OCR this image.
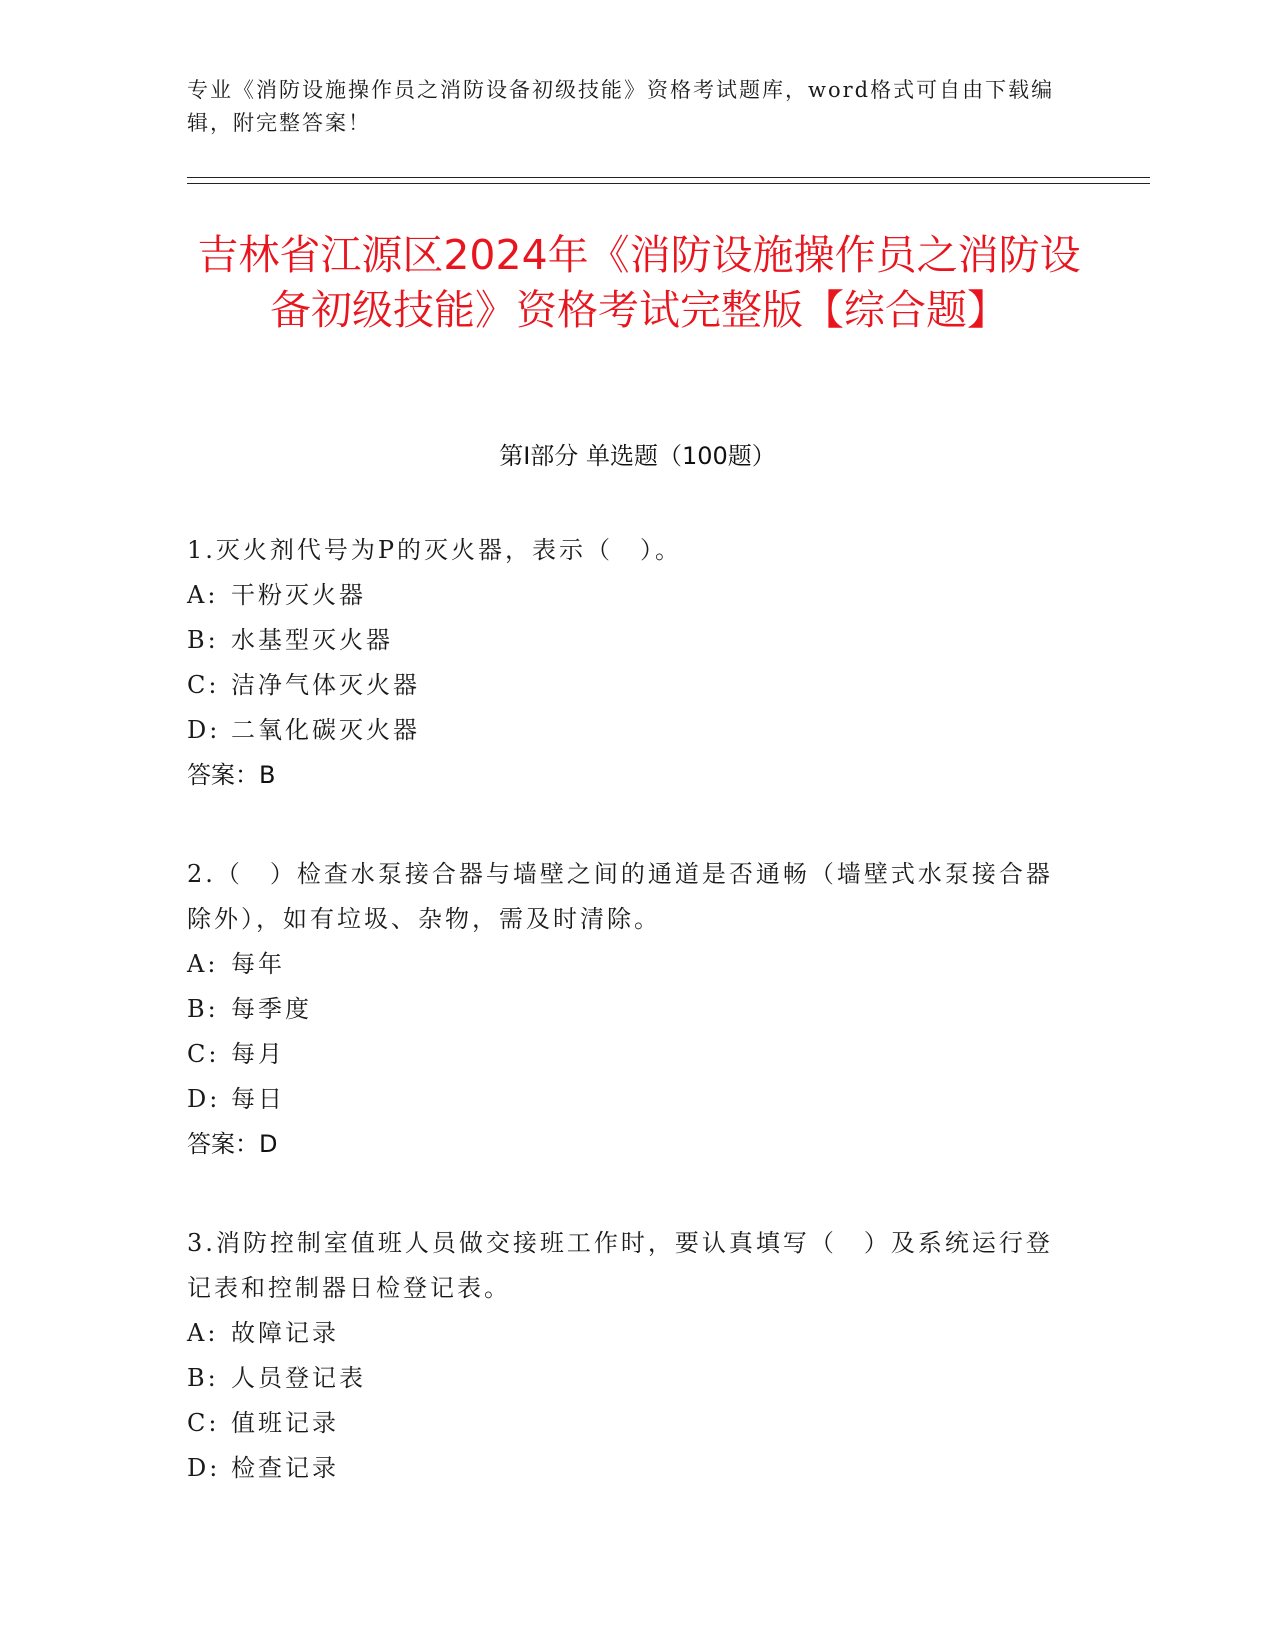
专业《消防设施操作员之消防设备初级技能》资格考试题库，word格式可自由下载编辑，附完整答案！
吉林省江源区2024年《消防设施操作员之消防设备初级技能》资格考试完整版【综合题】
第I部分 单选题（100题）
1.灭火剂代号为P的灭火器，表示（　）。
A: 干粉灭火器
B: 水基型灭火器
C: 洁净气体灭火器
D: 二氧化碳灭火器
答案：B
2.（　）检查水泵接合器与墙壁之间的通道是否通畅（墙壁式水泵接合器除外），如有垃圾、杂物，需及时清除。
A: 每年
B: 每季度
C: 每月
D: 每日
答案：D
3.消防控制室值班人员做交接班工作时，要认真填写（　）及系统运行登记表和控制器日检登记表。
A: 故障记录
B: 人员登记表
C: 值班记录
D: 检查记录
